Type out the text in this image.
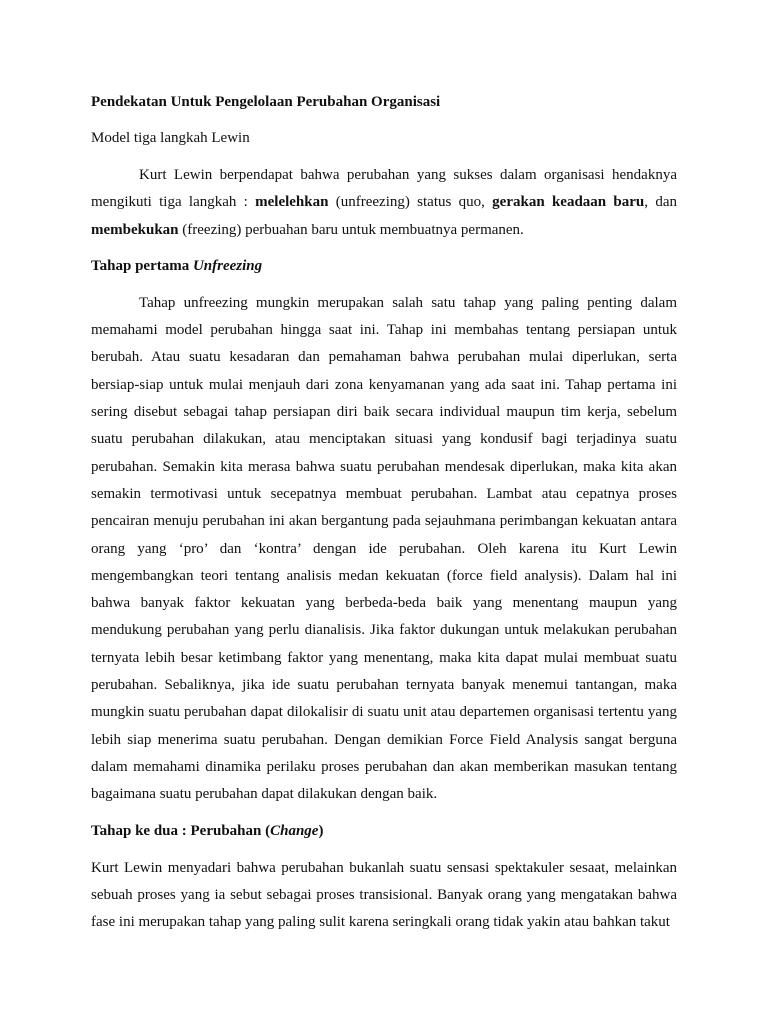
Pendekatan Untuk Pengelolaan Perubahan Organisasi

Model tiga langkah Lewin

Kurt Lewin berpendapat bahwa perubahan yang sukses dalam organisasi hendaknya mengikuti tiga langkah : melelehkan (unfreezing) status quo, gerakan keadaan baru, dan membekukan (freezing) perbuahan baru untuk membuatnya permanen.

Tahap pertama Unfreezing

Tahap unfreezing mungkin merupakan salah satu tahap yang paling penting dalam memahami model perubahan hingga saat ini. Tahap ini membahas tentang persiapan untuk berubah. Atau suatu kesadaran dan pemahaman bahwa perubahan mulai diperlukan, serta bersiap-siap untuk mulai menjauh dari zona kenyamanan yang ada saat ini. Tahap pertama ini sering disebut sebagai tahap persiapan diri baik secara individual maupun tim kerja, sebelum suatu perubahan dilakukan, atau menciptakan situasi yang kondusif bagi terjadinya suatu perubahan. Semakin kita merasa bahwa suatu perubahan mendesak diperlukan, maka kita akan semakin termotivasi untuk secepatnya membuat perubahan. Lambat atau cepatnya proses pencairan menuju perubahan ini akan bergantung pada sejauhmana perimbangan kekuatan antara orang yang ‘pro’ dan ‘kontra’ dengan ide perubahan. Oleh karena itu Kurt Lewin mengembangkan teori tentang analisis medan kekuatan (force field analysis). Dalam hal ini bahwa banyak faktor kekuatan yang berbeda-beda baik yang menentang maupun yang mendukung perubahan yang perlu dianalisis. Jika faktor dukungan untuk melakukan perubahan ternyata lebih besar ketimbang faktor yang menentang, maka kita dapat mulai membuat suatu perubahan. Sebaliknya, jika ide suatu perubahan ternyata banyak menemui tantangan, maka mungkin suatu perubahan dapat dilokalisir di suatu unit atau departemen organisasi tertentu yang lebih siap menerima suatu perubahan. Dengan demikian Force Field Analysis sangat berguna dalam memahami dinamika perilaku proses perubahan dan akan memberikan masukan tentang bagaimana suatu perubahan dapat dilakukan dengan baik.

Tahap ke dua : Perubahan (Change)

Kurt Lewin menyadari bahwa perubahan bukanlah suatu sensasi spektakuler sesaat, melainkan sebuah proses yang ia sebut sebagai proses transisional. Banyak orang yang mengatakan bahwa fase ini merupakan tahap yang paling sulit karena seringkali orang tidak yakin atau bahkan takut
